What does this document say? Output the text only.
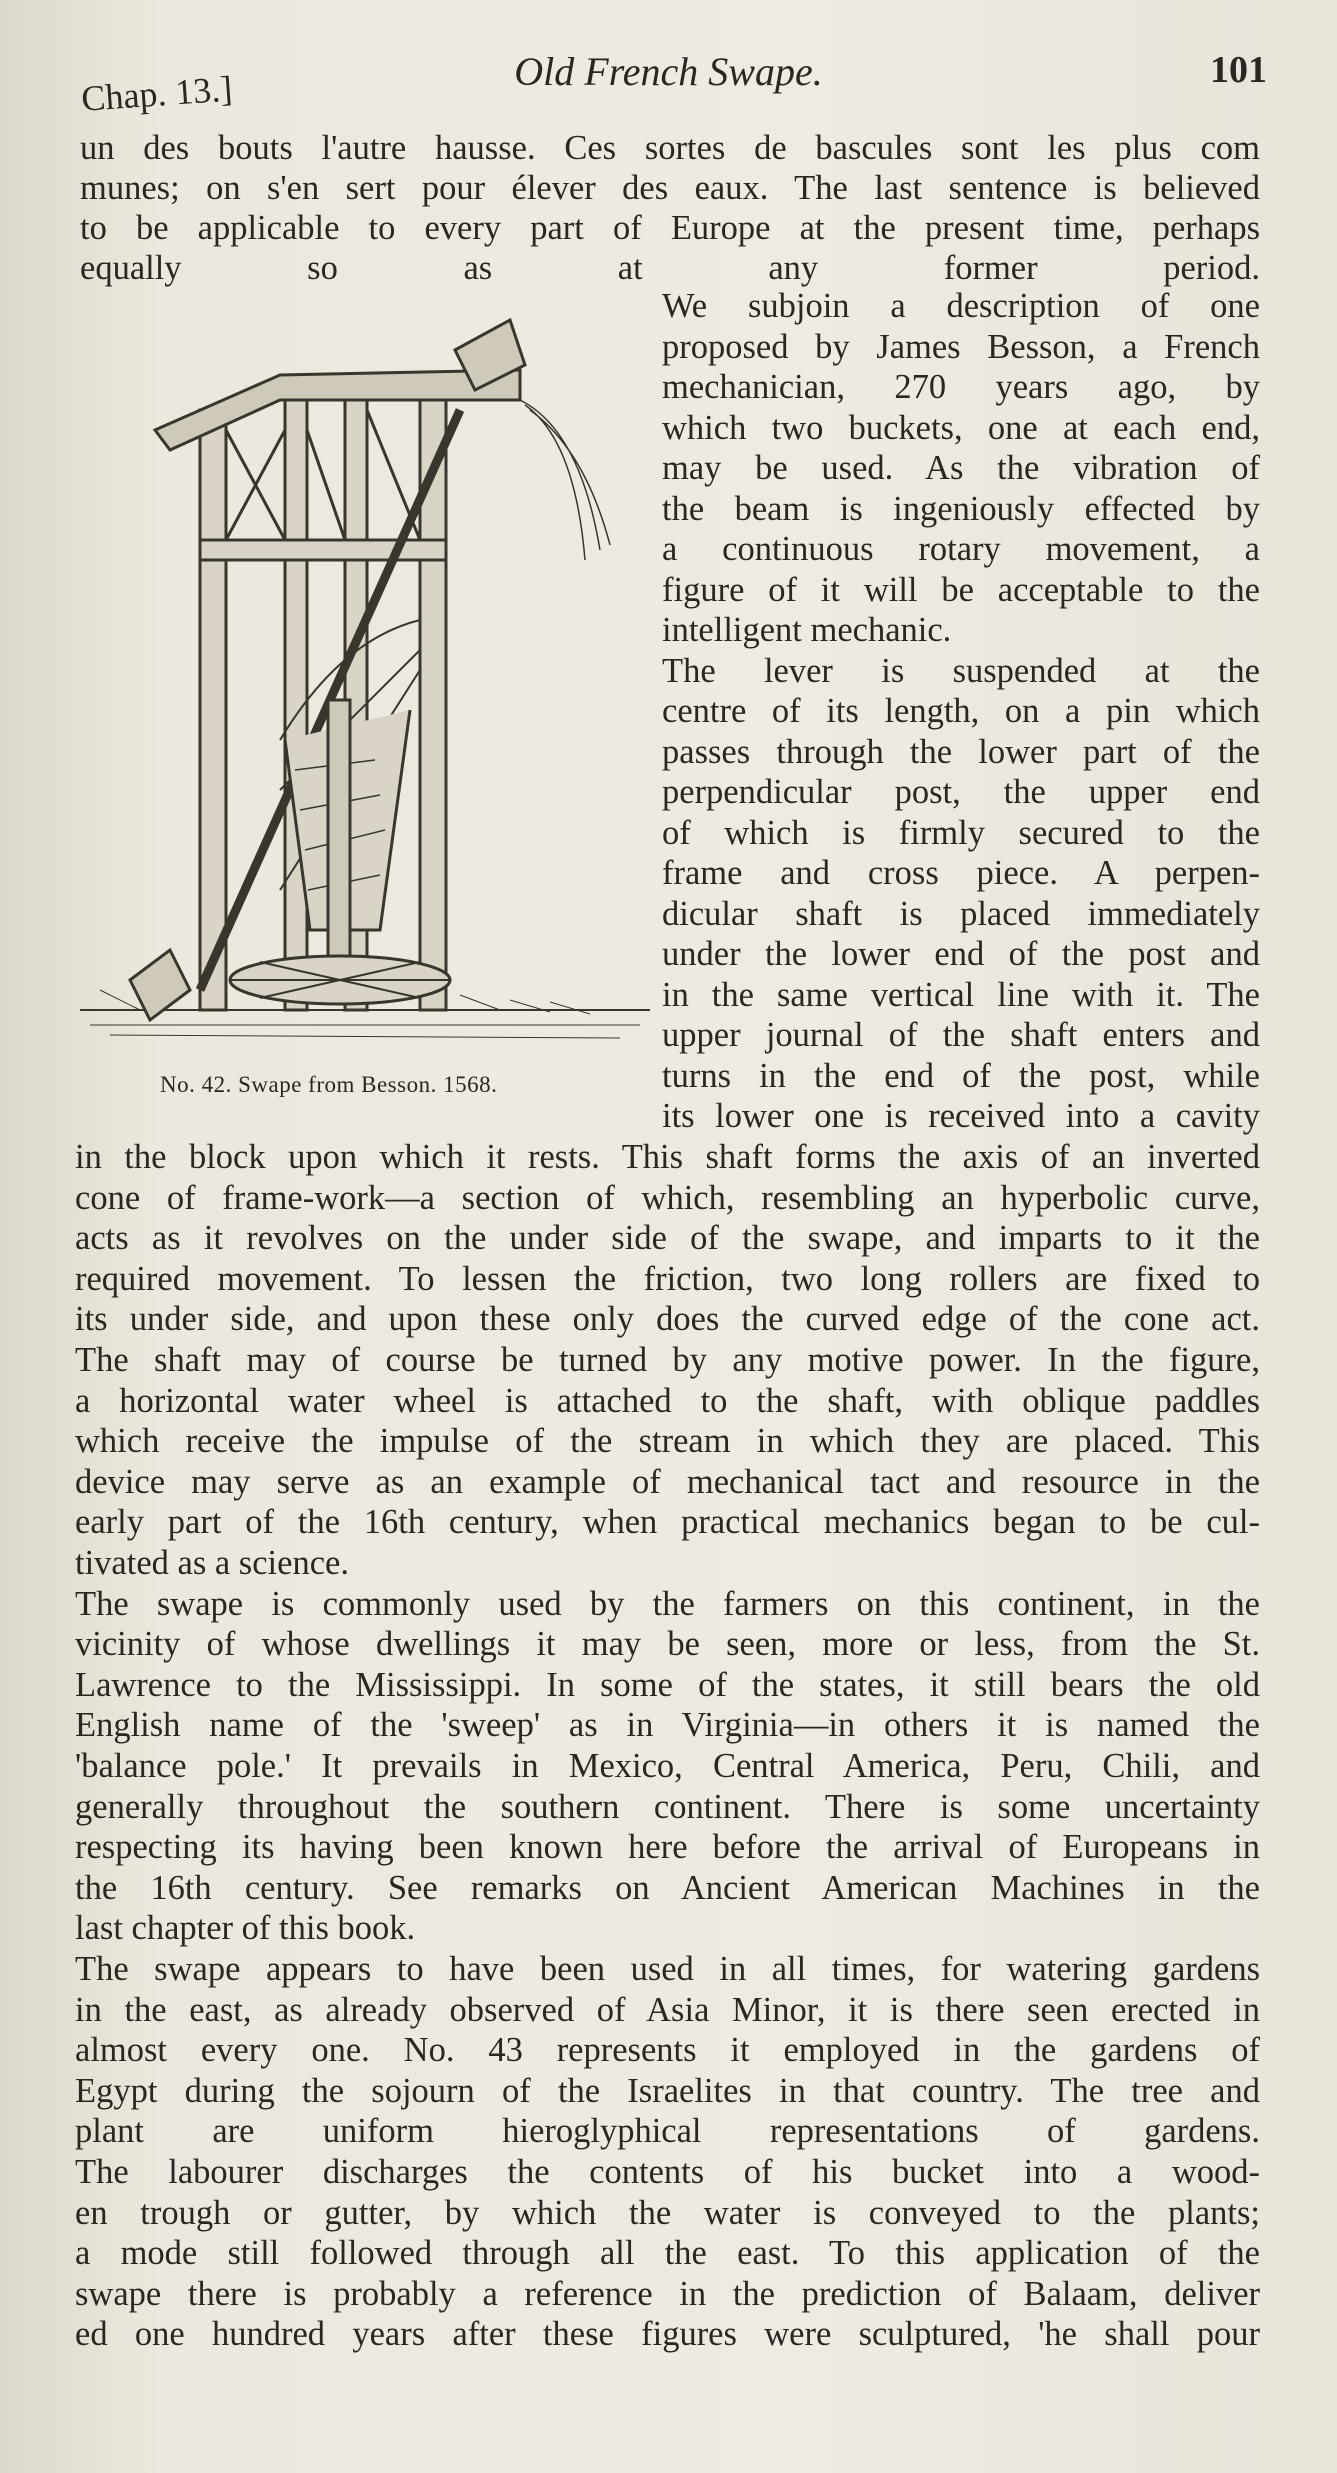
Chap. 13.]	Old French Swape.	101
un des bouts l'autre hausse. Ces sortes de bascules sont les plus com
munes; on s'en sert pour élever des eaux. The last sentence is believed
to be applicable to every part of Europe at the present time, perhaps
equally so as at any former period.
No. 42. Swape from Besson. 1568.
We subjoin a description of one
proposed by James Besson, a French
mechanician, 270 years ago, by
which two buckets, one at each end,
may be used. As the vibration of
the beam is ingeniously effected by
a continuous rotary movement, a
figure of it will be acceptable to the
intelligent mechanic.
The lever is suspended at the
centre of its length, on a pin which
passes through the lower part of the
perpendicular post, the upper end
of which is firmly secured to the
frame and cross piece. A perpen-
dicular shaft is placed immediately
under the lower end of the post and
in the same vertical line with it. The
upper journal of the shaft enters and
turns in the end of the post, while
its lower one is received into a cavity
in the block upon which it rests. This shaft forms the axis of an inverted
cone of frame-work—a section of which, resembling an hyperbolic curve,
acts as it revolves on the under side of the swape, and imparts to it the
required movement. To lessen the friction, two long rollers are fixed to
its under side, and upon these only does the curved edge of the cone act.
The shaft may of course be turned by any motive power. In the figure,
a horizontal water wheel is attached to the shaft, with oblique paddles
which receive the impulse of the stream in which they are placed. This
device may serve as an example of mechanical tact and resource in the
early part of the 16th century, when practical mechanics began to be cul-
tivated as a science.
The swape is commonly used by the farmers on this continent, in the
vicinity of whose dwellings it may be seen, more or less, from the St.
Lawrence to the Mississippi. In some of the states, it still bears the old
English name of the 'sweep' as in Virginia—in others it is named the
'balance pole.' It prevails in Mexico, Central America, Peru, Chili, and
generally throughout the southern continent. There is some uncertainty
respecting its having been known here before the arrival of Europeans in
the 16th century. See remarks on Ancient American Machines in the
last chapter of this book.
The swape appears to have been used in all times, for watering gardens
in the east, as already observed of Asia Minor, it is there seen erected in
almost every one. No. 43 represents it employed in the gardens of
Egypt during the sojourn of the Israelites in that country. The tree and
plant are uniform hieroglyphical representations of gardens.
The labourer discharges the contents of his bucket into a wood-
en trough or gutter, by which the water is conveyed to the plants;
a mode still followed through all the east. To this application of the
swape there is probably a reference in the prediction of Balaam, deliver
ed one hundred years after these figures were sculptured, 'he shall pour
